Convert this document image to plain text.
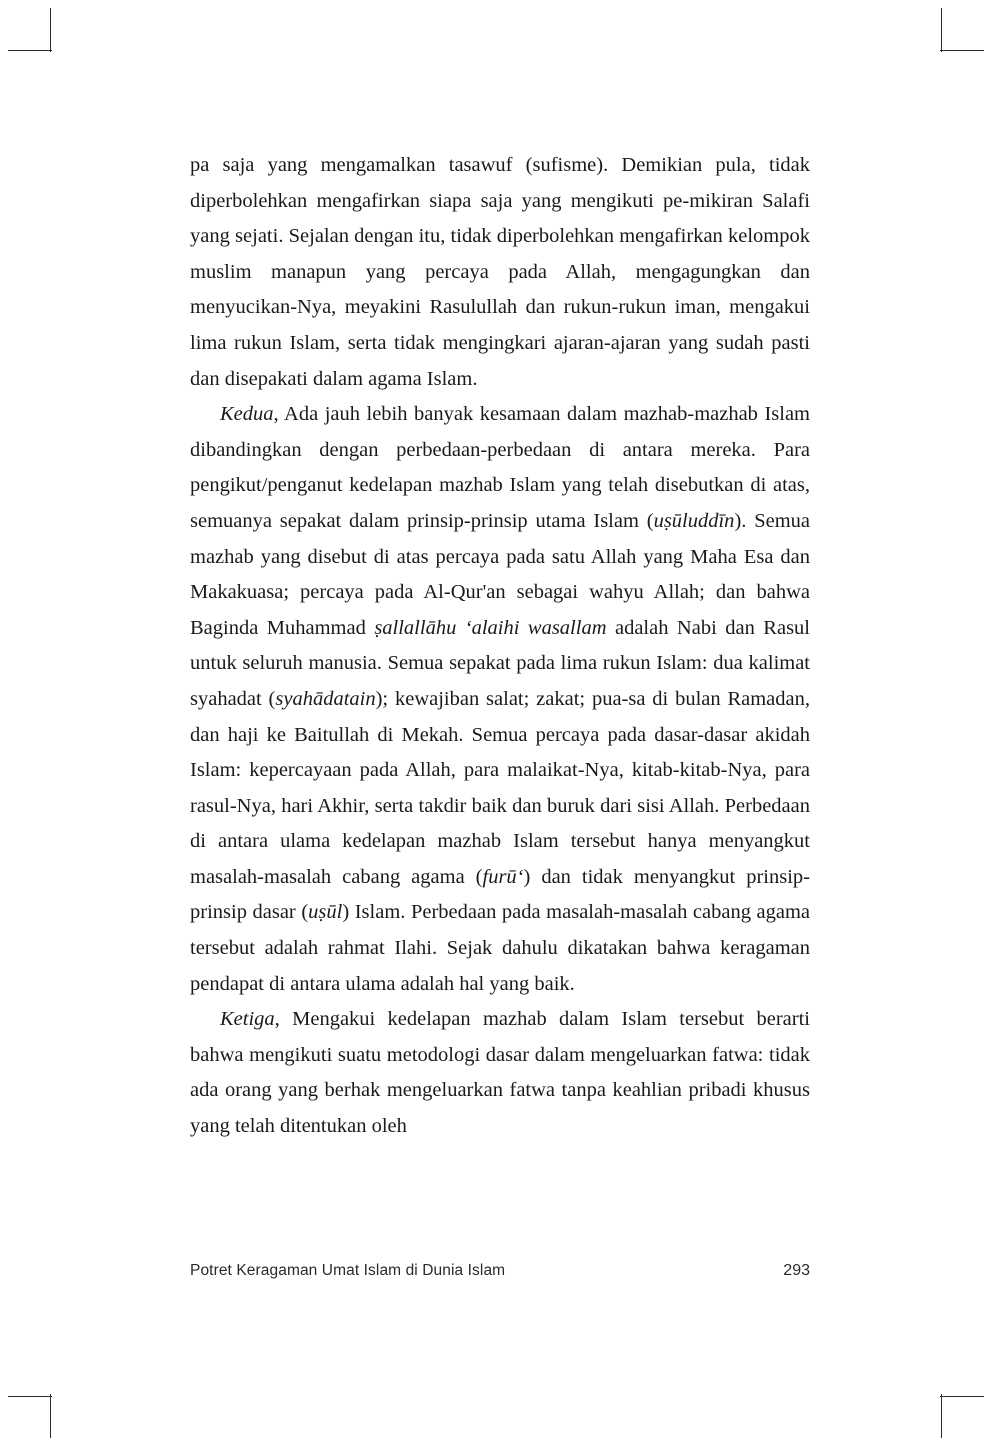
pa saja yang mengamalkan tasawuf (sufisme). Demikian pula, tidak diperbolehkan mengafirkan siapa saja yang mengikuti pe-mikiran Salafi yang sejati. Sejalan dengan itu, tidak diperbolehkan mengafirkan kelompok muslim manapun yang percaya pada Allah, mengagungkan dan menyucikan-Nya, meyakini Rasulullah dan rukun-rukun iman, mengakui lima rukun Islam, serta tidak mengingkari ajaran-ajaran yang sudah pasti dan disepakati dalam agama Islam.

Kedua, Ada jauh lebih banyak kesamaan dalam mazhab-mazhab Islam dibandingkan dengan perbedaan-perbedaan di antara mereka. Para pengikut/penganut kedelapan mazhab Islam yang telah disebutkan di atas, semuanya sepakat dalam prinsip-prinsip utama Islam (uṣūluddīn). Semua mazhab yang disebut di atas percaya pada satu Allah yang Maha Esa dan Makakuasa; percaya pada Al-Qur'an sebagai wahyu Allah; dan bahwa Baginda Muhammad ṣallallāhu ‘alaihi wasallam adalah Nabi dan Rasul untuk seluruh manusia. Semua sepakat pada lima rukun Islam: dua kalimat syahadat (syahādatain); kewajiban salat; zakat; pua-sa di bulan Ramadan, dan haji ke Baitullah di Mekah. Semua percaya pada dasar-dasar akidah Islam: kepercayaan pada Allah, para malaikat-Nya, kitab-kitab-Nya, para rasul-Nya, hari Akhir, serta takdir baik dan buruk dari sisi Allah. Perbedaan di antara ulama kedelapan mazhab Islam tersebut hanya menyangkut masalah-masalah cabang agama (furū‘) dan tidak menyangkut prinsip-prinsip dasar (uṣūl) Islam. Perbedaan pada masalah-masalah cabang agama tersebut adalah rahmat Ilahi. Sejak dahulu dikatakan bahwa keragaman pendapat di antara ulama adalah hal yang baik.

Ketiga, Mengakui kedelapan mazhab dalam Islam tersebut berarti bahwa mengikuti suatu metodologi dasar dalam mengeluarkan fatwa: tidak ada orang yang berhak mengeluarkan fatwa tanpa keahlian pribadi khusus yang telah ditentukan oleh

Potret Keragaman Umat Islam di Dunia Islam	293
